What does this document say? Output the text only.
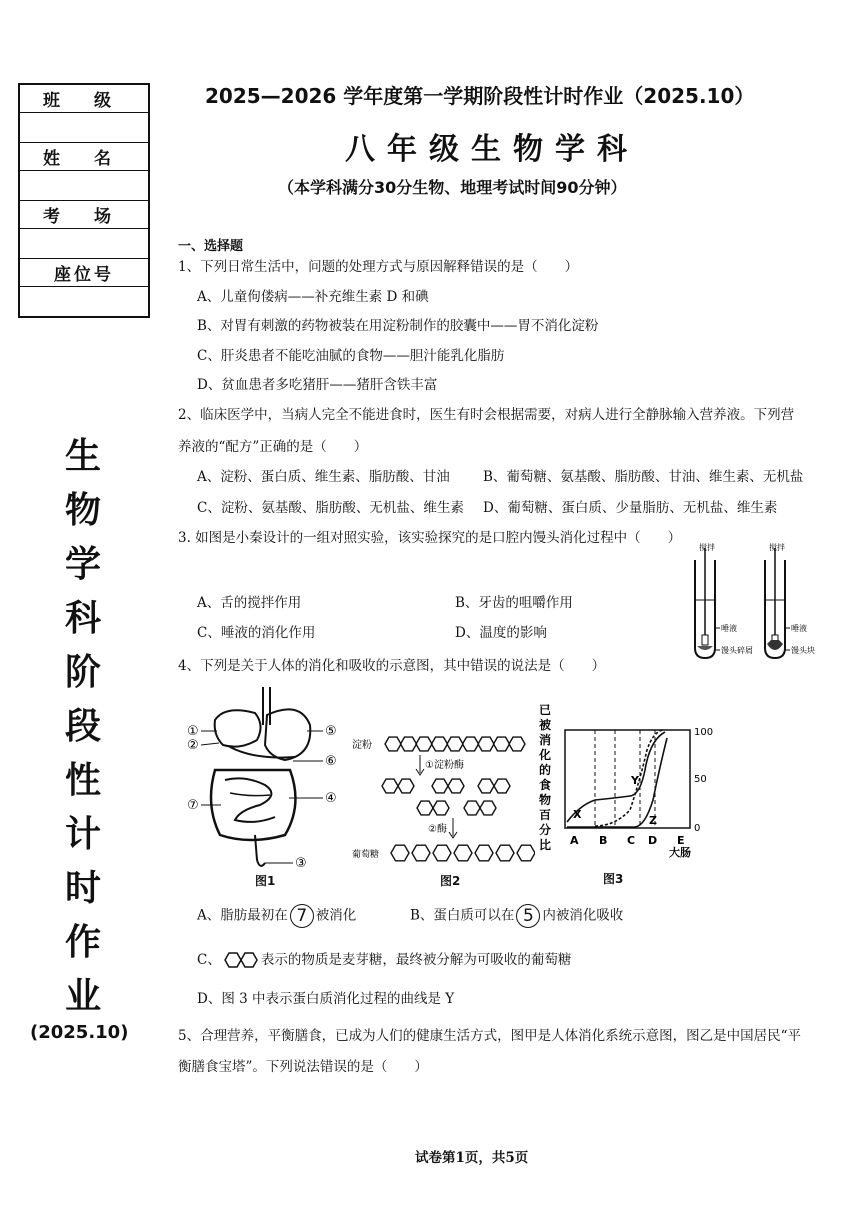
班 级
姓 名
考 场
座位号
生
物
学
科
阶
段
性
计
时
作
业
(2025.10)
2025—2026 学年度第一学期阶段性计时作业（2025.10）
八年级生物学科
（本学科满分30分生物、地理考试时间90分钟）
一、选择题
1、下列日常生活中，问题的处理方式与原因解释错误的是（　　）
A、儿童佝偻病——补充维生素 D 和碘
B、对胃有刺激的药物被装在用淀粉制作的胶囊中——胃不消化淀粉
C、肝炎患者不能吃油腻的食物——胆汁能乳化脂肪
D、贫血患者多吃猪肝——猪肝含铁丰富
2、临床医学中，当病人完全不能进食时，医生有时会根据需要，对病人进行全静脉输入营养液。下列营
养液的“配方”正确的是（　　）
A、淀粉、蛋白质、维生素、脂肪酸、甘油 B、葡萄糖、氨基酸、脂肪酸、甘油、维生素、无机盐
C、淀粉、氨基酸、脂肪酸、无机盐、维生素 D、葡萄糖、蛋白质、少量脂肪、无机盐、维生素
3. 如图是小秦设计的一组对照实验，该实验探究的是口腔内馒头消化过程中（　　）
A、舌的搅拌作用	B、牙齿的咀嚼作用
C、唾液的消化作用	D、温度的影响
搅拌
唾液
馒头碎屑
搅拌
唾液
馒头块
4、下列是关于人体的消化和吸收的示意图，其中错误的说法是（　　）
①
②
⑤
⑥
④
⑦
③
淀粉
①淀粉酶
②酶
葡萄糖
已
被
消
化
的
食
物
百
分
比
100
50
0
A B C D E
大肠
X
Y
Z
图1	图2	图3
A、脂肪最初在 7 被消化	B、蛋白质可以在 5 内被消化吸收
C、	表示的物质是麦芽糖，最终被分解为可吸收的葡萄糖
D、图 3 中表示蛋白质消化过程的曲线是 Y
5、合理营养，平衡膳食，已成为人们的健康生活方式，图甲是人体消化系统示意图，图乙是中国居民“平
衡膳食宝塔”。下列说法错误的是（　　）
试卷第1页，共5页
